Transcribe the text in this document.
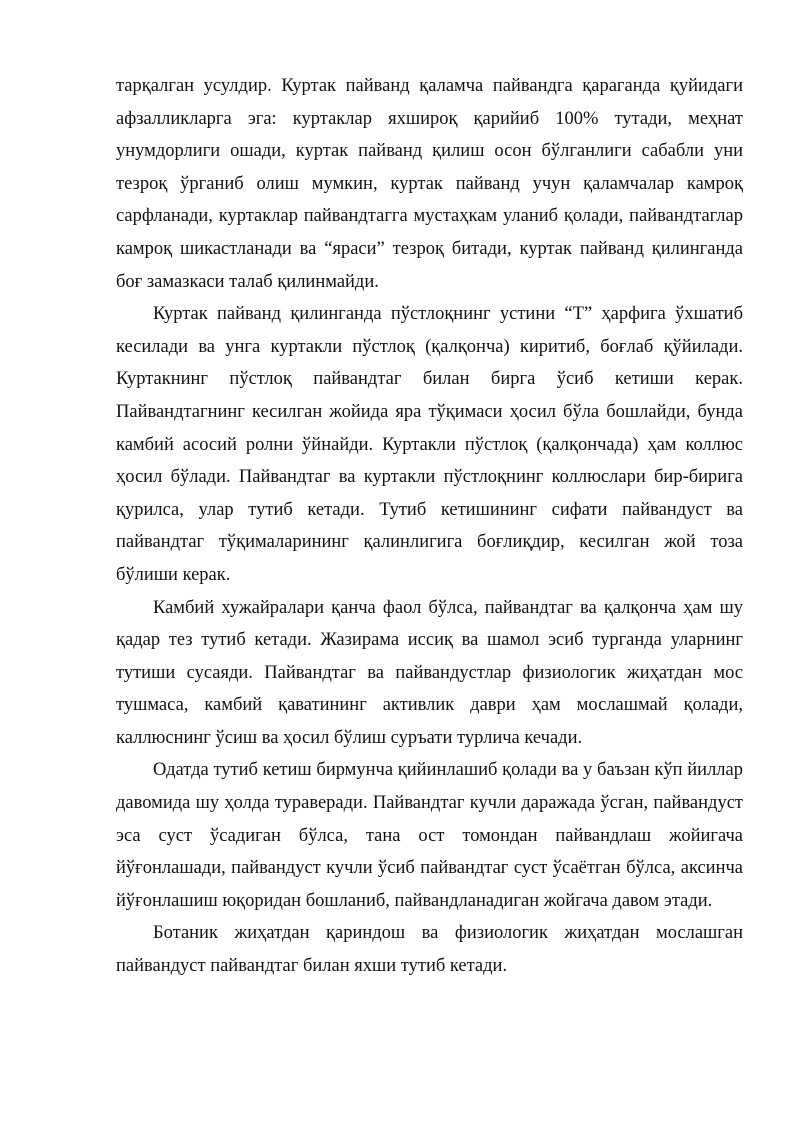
тарқалган усулдир. Куртак пайванд қаламча пайвандга қараганда қуйидаги афзалликларга эга: куртаклар яхшироқ қарийиб 100% тутади, меҳнат унумдорлиги ошади, куртак пайванд қилиш осон бўлганлиги сабабли уни тезроқ ўрганиб олиш мумкин, куртак пайванд учун қаламчалар камроқ сарфланади, куртаклар пайвандтагга мустаҳкам уланиб қолади, пайвандтаглар камроқ шикастланади ва “яраси” тезроқ битади, куртак пайванд қилинганда боғ замазкаси талаб қилинмайди.

Куртак пайванд қилинганда пўстлоқнинг устини “Т” ҳарфига ўхшатиб кесилади ва унга куртакли пўстлоқ (қалқонча) киритиб, боғлаб қўйилади. Куртакнинг пўстлоқ пайвандтаг билан бирга ўсиб кетиши керак. Пайвандтагнинг кесилган жойида яра тўқимаси ҳосил бўла бошлайди, бунда камбий асосий ролни ўйнайди. Куртакли пўстлоқ (қалқончада) ҳам коллюс ҳосил бўлади. Пайвандтаг ва куртакли пўстлоқнинг коллюслари бир-бирига қурилса, улар тутиб кетади. Тутиб кетишининг сифати пайвандуст ва пайвандтаг тўқималарининг қалинлигига боғлиқдир, кесилган жой тоза бўлиши керак.

Камбий хужайралари қанча фаол бўлса, пайвандтаг ва қалқонча ҳам шу қадар тез тутиб кетади. Жазирама иссиқ ва шамол эсиб турганда уларнинг тутиши сусаяди. Пайвандтаг ва пайвандустлар физиологик жиҳатдан мос тушмаса, камбий қаватининг активлик даври ҳам мослашмай қолади, каллюснинг ўсиш ва ҳосил бўлиш суръати турлича кечади.

Одатда тутиб кетиш бирмунча қийинлашиб қолади ва у баъзан кўп йиллар давомида шу ҳолда тураверади. Пайвандтаг кучли даражада ўсган, пайвандуст эса суст ўсадиган бўлса, тана ост томондан пайвандлаш жойигача йўғонлашади, пайвандуст кучли ўсиб пайвандтаг суст ўсаётган бўлса, аксинча йўғонлашиш юқоридан бошланиб, пайвандланадиган жойгача давом этади.

Ботаник жиҳатдан қариндош ва физиологик жиҳатдан мослашган пайвандуст пайвандтаг билан яхши тутиб кетади.
